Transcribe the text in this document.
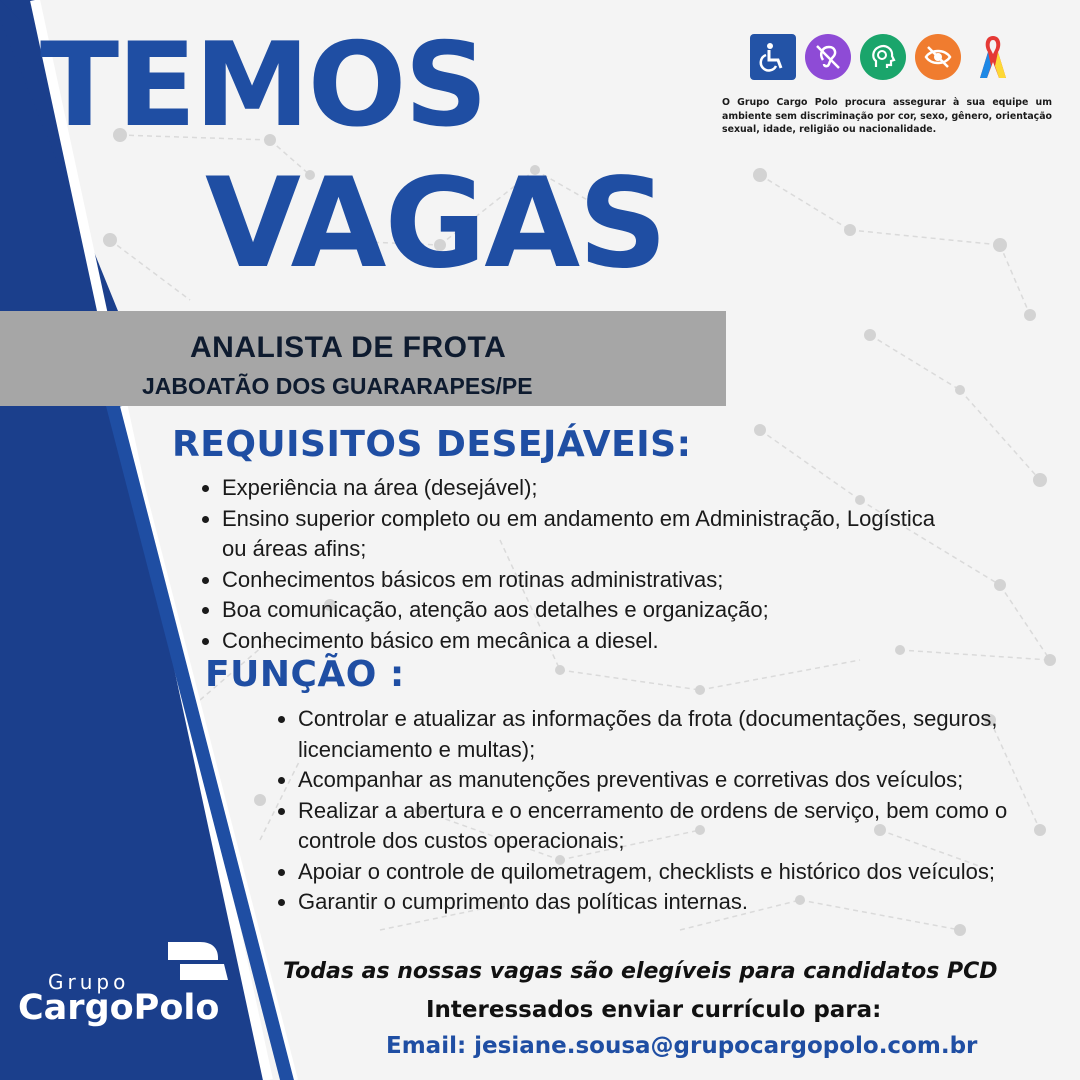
TEMOS
VAGAS

O Grupo Cargo Polo procura assegurar à sua equipe um ambiente sem discriminação por cor, sexo, gênero, orientação sexual, idade, religião ou nacionalidade.

ANALISTA DE FROTA

JABOATÃO DOS GUARARAPES/PE

REQUISITOS DESEJÁVEIS:
• Experiência na área (desejável);
• Ensino superior completo ou em andamento em Administração, Logística ou áreas afins;
• Conhecimentos básicos em rotinas administrativas;
• Boa comunicação, atenção aos detalhes e organização;
• Conhecimento básico em mecânica a diesel.
FUNÇÃO :
• Controlar e atualizar as informações da frota (documentações, seguros, licenciamento e multas);
• Acompanhar as manutenções preventivas e corretivas dos veículos;
• Realizar a abertura e o encerramento de ordens de serviço, bem como o controle dos custos operacionais;
• Apoiar o controle de quilometragem, checklists e histórico dos veículos;
• Garantir o cumprimento das políticas internas.

Todas as nossas vagas são elegíveis para candidatos PCD

Interessados enviar currículo para:

Email: jesiane.sousa@grupocargopolo.com.br

Grupo

CargoPolo
